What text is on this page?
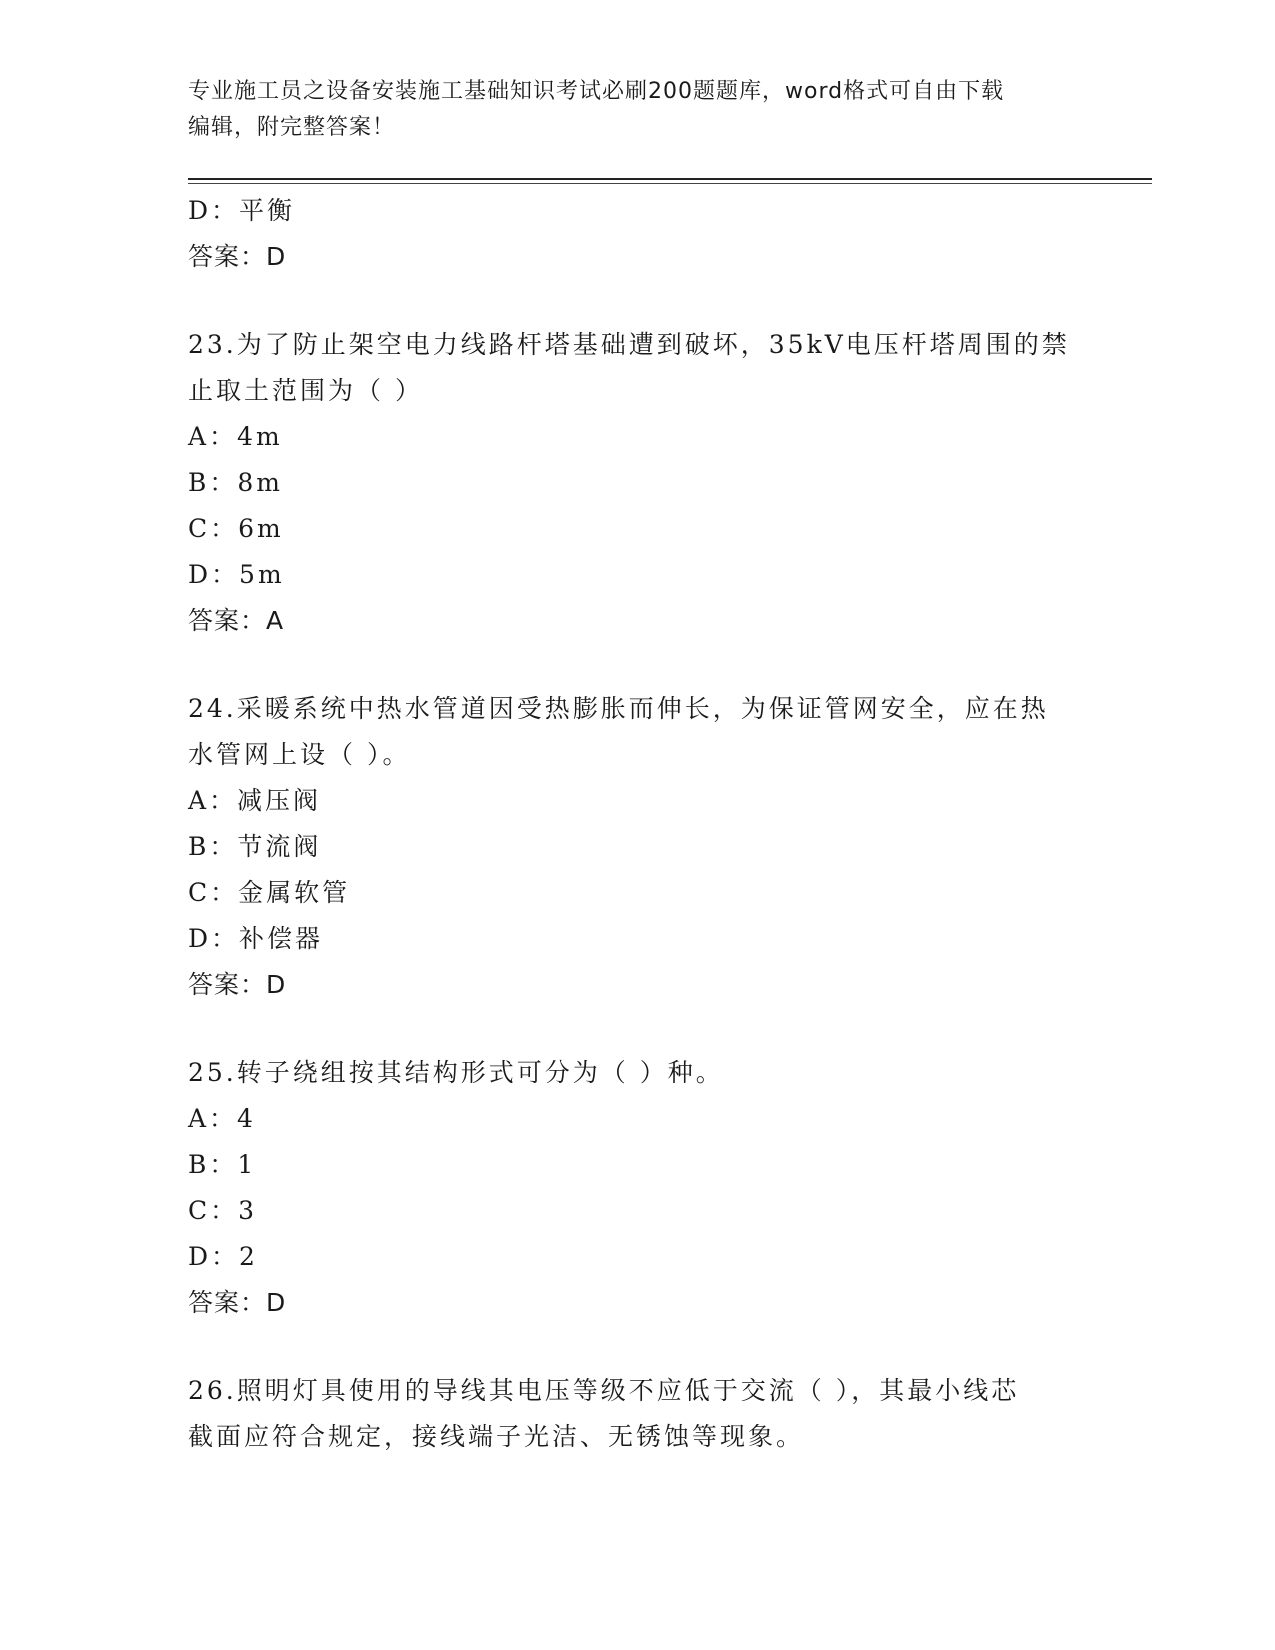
专业施工员之设备安装施工基础知识考试必刷200题题库，word格式可自由下载
编辑，附完整答案！
D：平衡
答案：D
23.为了防止架空电力线路杆塔基础遭到破坏，35kV电压杆塔周围的禁
止取土范围为（ ）
A：4m
B：8m
C：6m
D：5m
答案：A
24.采暖系统中热水管道因受热膨胀而伸长，为保证管网安全，应在热
水管网上设（ ）。
A：减压阀
B：节流阀
C：金属软管
D：补偿器
答案：D
25.转子绕组按其结构形式可分为（ ）种。
A：4
B：1
C：3
D：2
答案：D
26.照明灯具使用的导线其电压等级不应低于交流（ ），其最小线芯
截面应符合规定，接线端子光洁、无锈蚀等现象。
